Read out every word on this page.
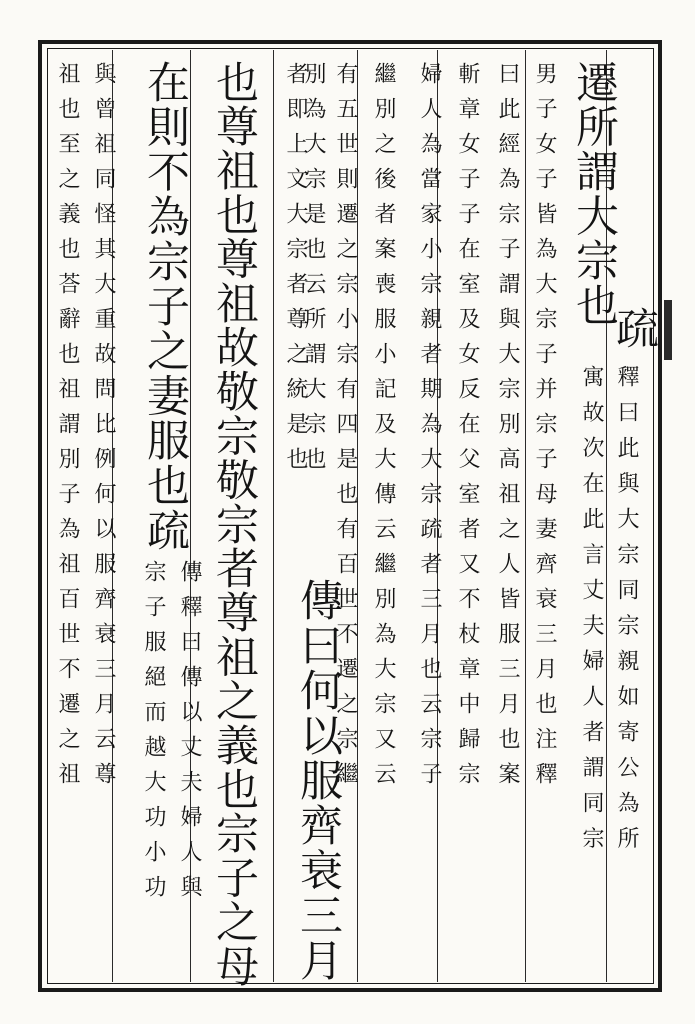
遷所謂大宗也
疏
釋曰此與大宗同宗親如寄公為所
寓故次在此言丈夫婦人者謂同宗
男子女子皆為大宗子并宗子母妻齊衰三月也注釋
曰此經為宗子謂與大宗別高祖之人皆服三月也案
斬章女子子在室及女反在父室者又不杖章中歸宗
婦人為當家小宗親者期為大宗疏者三月也云宗子
繼別之後者案喪服小記及大傳云繼別為大宗又云
有五世則遷之宗小宗有四是也有百世不遷之宗繼
別為大宗是也云所謂大宗也
者即上文大宗者尊之統是也
傳曰何以服齊衰三月
也尊祖也尊祖故敬宗敬宗者尊祖之義也宗子之母
在則不為宗子之妻服也疏
傳釋曰傳以丈夫婦人與
宗子服絕而越大功小功
與曾祖同怪其大重故問比例何以服齊衰三月云尊
祖也至之義也荅辭也祖謂別子為祖百世不遷之祖
